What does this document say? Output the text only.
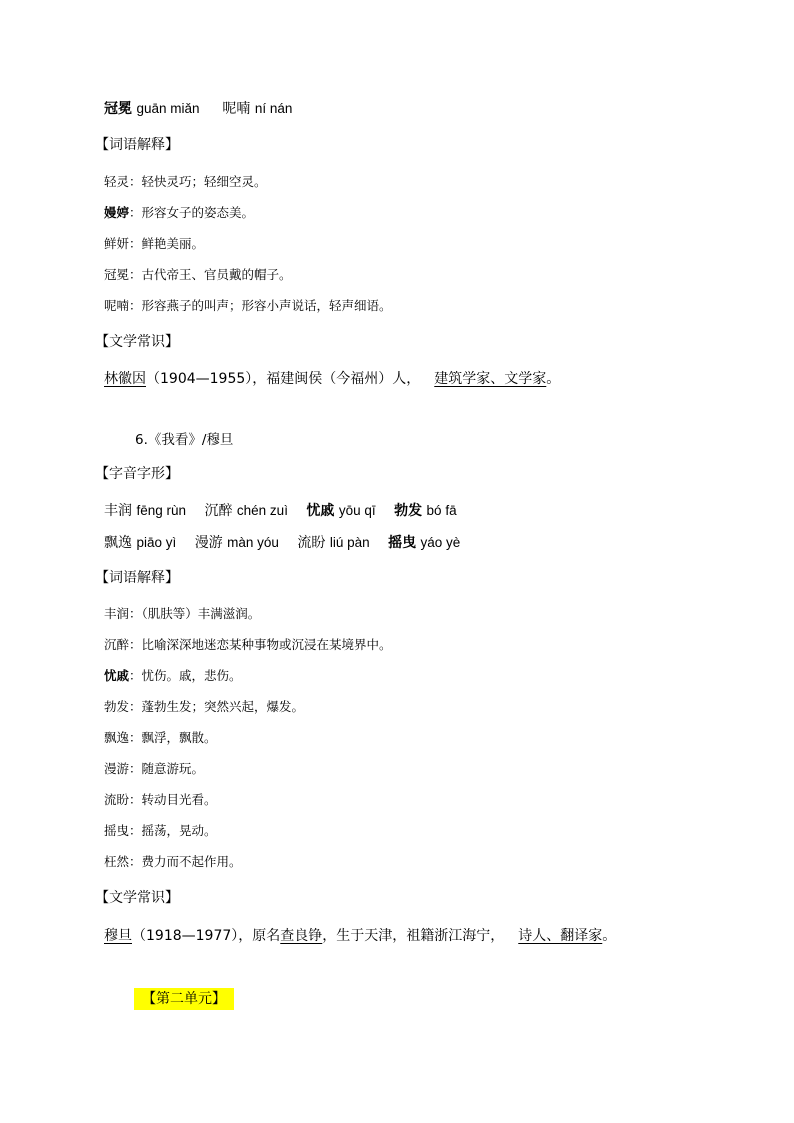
冠冕 guān miǎn 呢喃 ní nán
【词语解释】
轻灵：轻快灵巧；轻细空灵。
嫚婷：形容女子的姿态美。
鲜妍：鲜艳美丽。
冠冕：古代帝王、官员戴的帽子。
呢喃：形容燕子的叫声；形容小声说话，轻声细语。
【文学常识】
林徽因（1904—1955），福建闽侯（今福州）人， 建筑学家、文学家。
6.《我看》/穆旦
【字音字形】
丰润 fēng rùn 沉醉 chén zuì 忧戚 yōu qī 勃发 bó fā
飘逸 piāo yì 漫游 màn yóu 流盼 liú pàn 摇曳 yáo yè
【词语解释】
丰润：（肌肤等）丰满滋润。
沉醉：比喻深深地迷恋某种事物或沉浸在某境界中。
忧戚：忧伤。戚，悲伤。
勃发：蓬勃生发；突然兴起，爆发。
飘逸：飘浮，飘散。
漫游：随意游玩。
流盼：转动目光看。
摇曳：摇荡，晃动。
枉然：费力而不起作用。
【文学常识】
穆旦（1918—1977），原名查良铮，生于天津，祖籍浙江海宁， 诗人、翻译家。
【第二单元】
